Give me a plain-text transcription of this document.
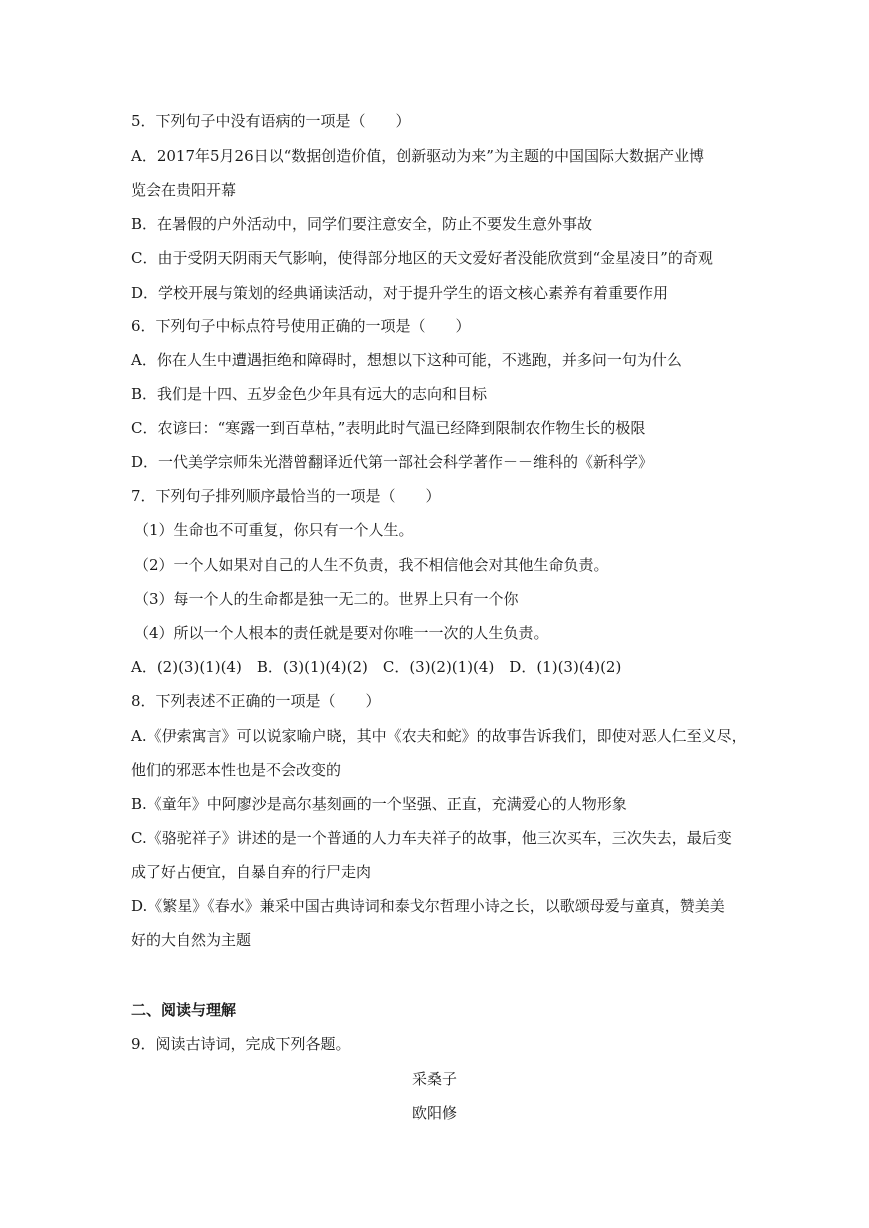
5．下列句子中没有语病的一项是（　　）
A．2017年5月26日以“数据创造价值，创新驱动为来”为主题的中国国际大数据产业博
览会在贵阳开幕
B．在暑假的户外活动中，同学们要注意安全，防止不要发生意外事故
C．由于受阴天阴雨天气影响，使得部分地区的天文爱好者没能欣赏到“金星凌日”的奇观
D．学校开展与策划的经典诵读活动，对于提升学生的语文核心素养有着重要作用
6．下列句子中标点符号使用正确的一项是（　　）
A．你在人生中遭遇拒绝和障碍时，想想以下这种可能，不逃跑，并多问一句为什么
B．我们是十四、五岁金色少年具有远大的志向和目标
C．农谚曰：“寒露一到百草枯，”表明此时气温已经降到限制农作物生长的极限
D．一代美学宗师朱光潜曾翻译近代第一部社会科学著作－－维科的《新科学》
7．下列句子排列顺序最恰当的一项是（　　）
（1）生命也不可重复，你只有一个人生。
（2）一个人如果对自己的人生不负责，我不相信他会对其他生命负责。
（3）每一个人的生命都是独一无二的。世界上只有一个你
（4）所以一个人根本的责任就是要对你唯一一次的人生负责。
A．(2)(3)(1)(4)　B．(3)(1)(4)(2)　C．(3)(2)(1)(4)　D．(1)(3)(4)(2)
8．下列表述不正确的一项是（　　）
A.《伊索寓言》可以说家喻户晓，其中《农夫和蛇》的故事告诉我们，即使对恶人仁至义尽，
他们的邪恶本性也是不会改变的
B.《童年》中阿廖沙是高尔基刻画的一个坚强、正直，充满爱心的人物形象
C.《骆驼祥子》讲述的是一个普通的人力车夫祥子的故事，他三次买车，三次失去，最后变
成了好占便宜，自暴自弃的行尸走肉
D.《繁星》《春水》兼采中国古典诗词和泰戈尔哲理小诗之长，以歌颂母爱与童真，赞美美
好的大自然为主题
二、阅读与理解
9．阅读古诗词，完成下列各题。
采桑子
欧阳修
